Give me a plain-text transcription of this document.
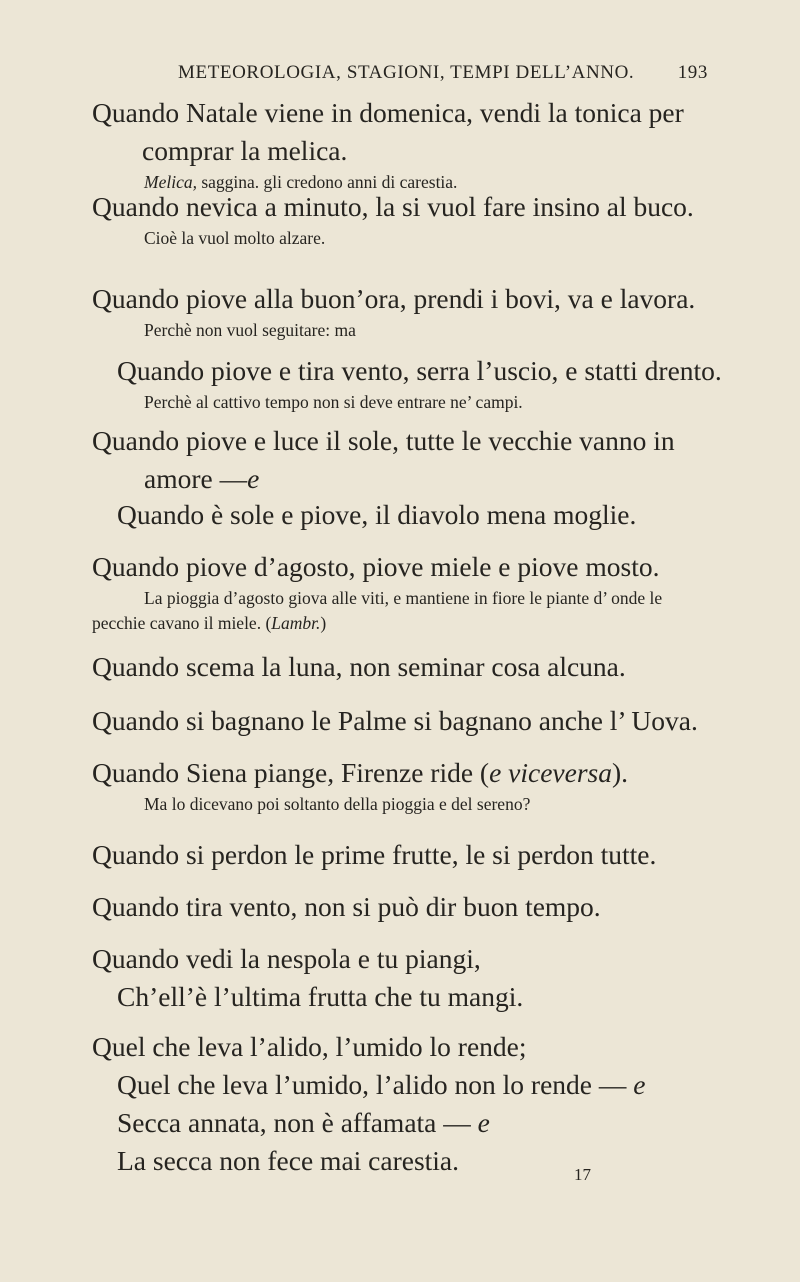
METEOROLOGIA, STAGIONI, TEMPI DELL’ANNO. 193

Quando Natale viene in domenica, vendi la tonica per comprar la melica.

Melica, saggina. gli credono anni di carestia.

Quando nevica a minuto, la si vuol fare insino al buco.

Cioè la vuol molto alzare.

Quando piove alla buon’ora, prendi i bovi, va e lavora.

Perchè non vuol seguitare: ma

Quando piove e tira vento, serra l’uscio, e statti drento.

Perchè al cattivo tempo non si deve entrare ne’ campi.

Quando piove e luce il sole, tutte le vecchie vanno in

amore —e

Quando è sole e piove, il diavolo mena moglie.

Quando piove d’agosto, piove miele e piove mosto.

La pioggia d’agosto giova alle viti, e mantiene in fiore le piante d’ onde le pecchie cavano il miele. (Lambr.)

Quando scema la luna, non seminar cosa alcuna.

Quando si bagnano le Palme si bagnano anche l’ Uova.

Quando Siena piange, Firenze ride (e viceversa).

Ma lo dicevano poi soltanto della pioggia e del sereno?

Quando si perdon le prime frutte, le si perdon tutte.

Quando tira vento, non si può dir buon tempo.

Quando vedi la nespola e tu piangi,

Ch’ell’è l’ultima frutta che tu mangi.

Quel che leva l’alido, l’umido lo rende;

Quel che leva l’umido, l’alido non lo rende — e

Secca annata, non è affamata — e

La secca non fece mai carestia.	17
